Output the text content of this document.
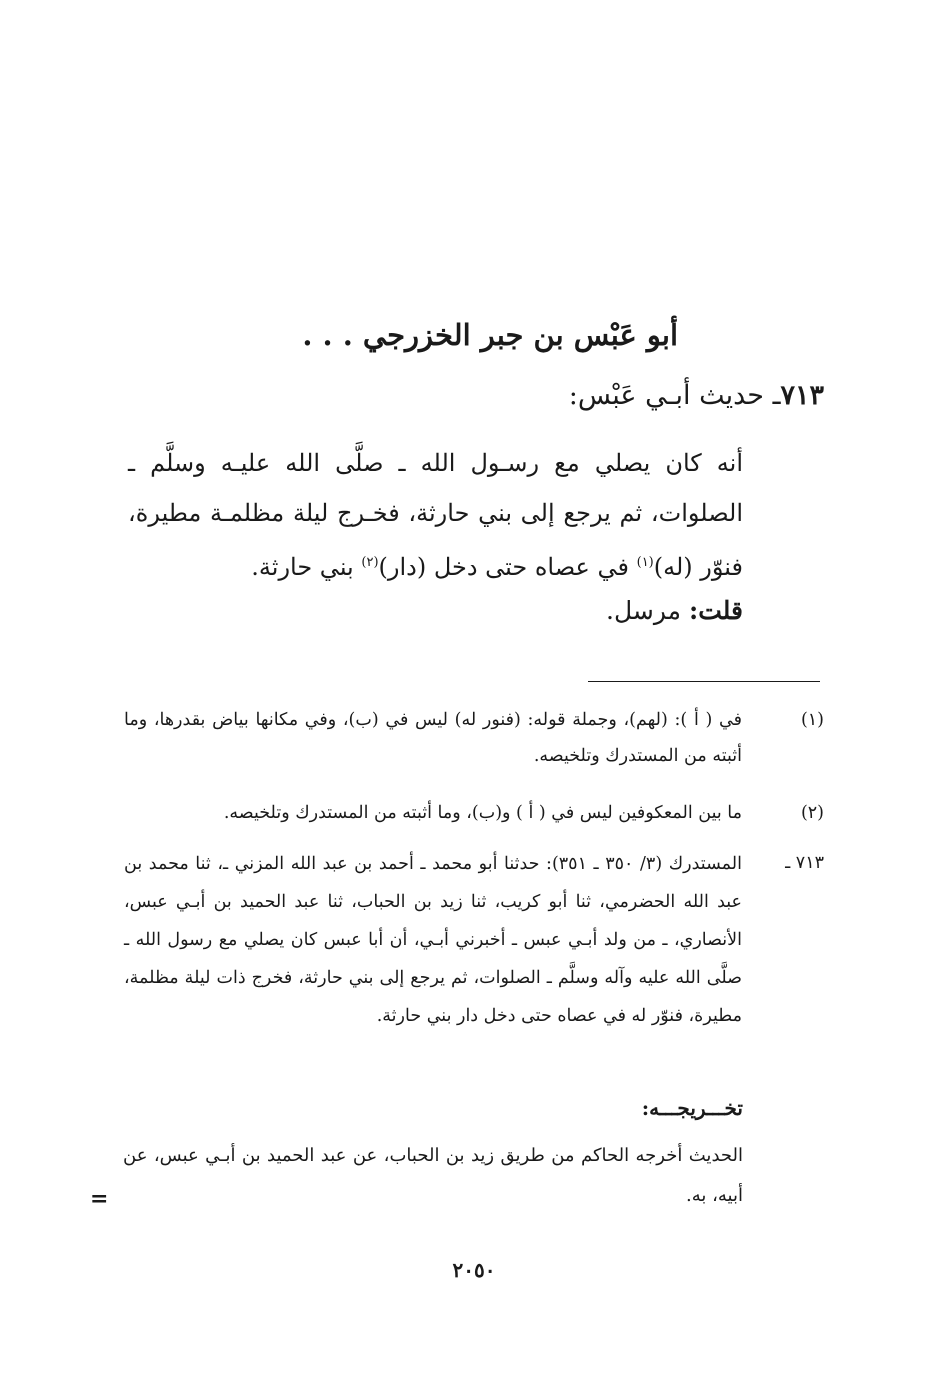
أبو عَبْس بن جبر الخزرجي . . .
٧١٣ـ حديث أبـي عَبْس:
أنه كان يصلي مع رسـول الله ـ صلَّى الله عليـه وسلَّم ـ الصلوات، ثم يرجع إلى بني حارثة، فخـرج ليلة مظلمـة مطيرة، فنوّر (له)$^{(١)}$ في عصاه حتى دخل (دار)$^{(٢)}$ بني حارثة.
قلت: مرسل.
(١)
في ( أ ): (لهم)، وجملة قوله: (فنور له) ليس في (ب)، وفي مكانها بياض بقدرها، وما أثبته من المستدرك وتلخيصه.
(٢)
ما بين المعكوفين ليس في ( أ ) و(ب)، وما أثبته من المستدرك وتلخيصه.
٧١٣ ـ
المستدرك (٣/ ٣٥٠ ـ ٣٥١): حدثنا أبو محمد ـ أحمد بن عبد الله المزني ـ، ثنا محمد بن عبد الله الحضرمي، ثنا أبو كريب، ثنا زيد بن الحباب، ثنا عبد الحميد بن أبـي عبس، الأنصاري، ـ من ولد أبـي عبس ـ أخبرني أبـي، أن أبا عبس كان يصلي مع رسول الله ـ صلَّى الله عليه وآله وسلَّم ـ الصلوات، ثم يرجع إلى بني حارثة، فخرج ذات ليلة مظلمة، مطيرة، فنوّر له في عصاه حتى دخل دار بني حارثة.
تخـــريجـــه:
الحديث أخرجه الحاكم من طريق زيد بن الحباب، عن عبد الحميد بن أبـي عبس، عن أبيه، به.
=
٢٠٥٠
